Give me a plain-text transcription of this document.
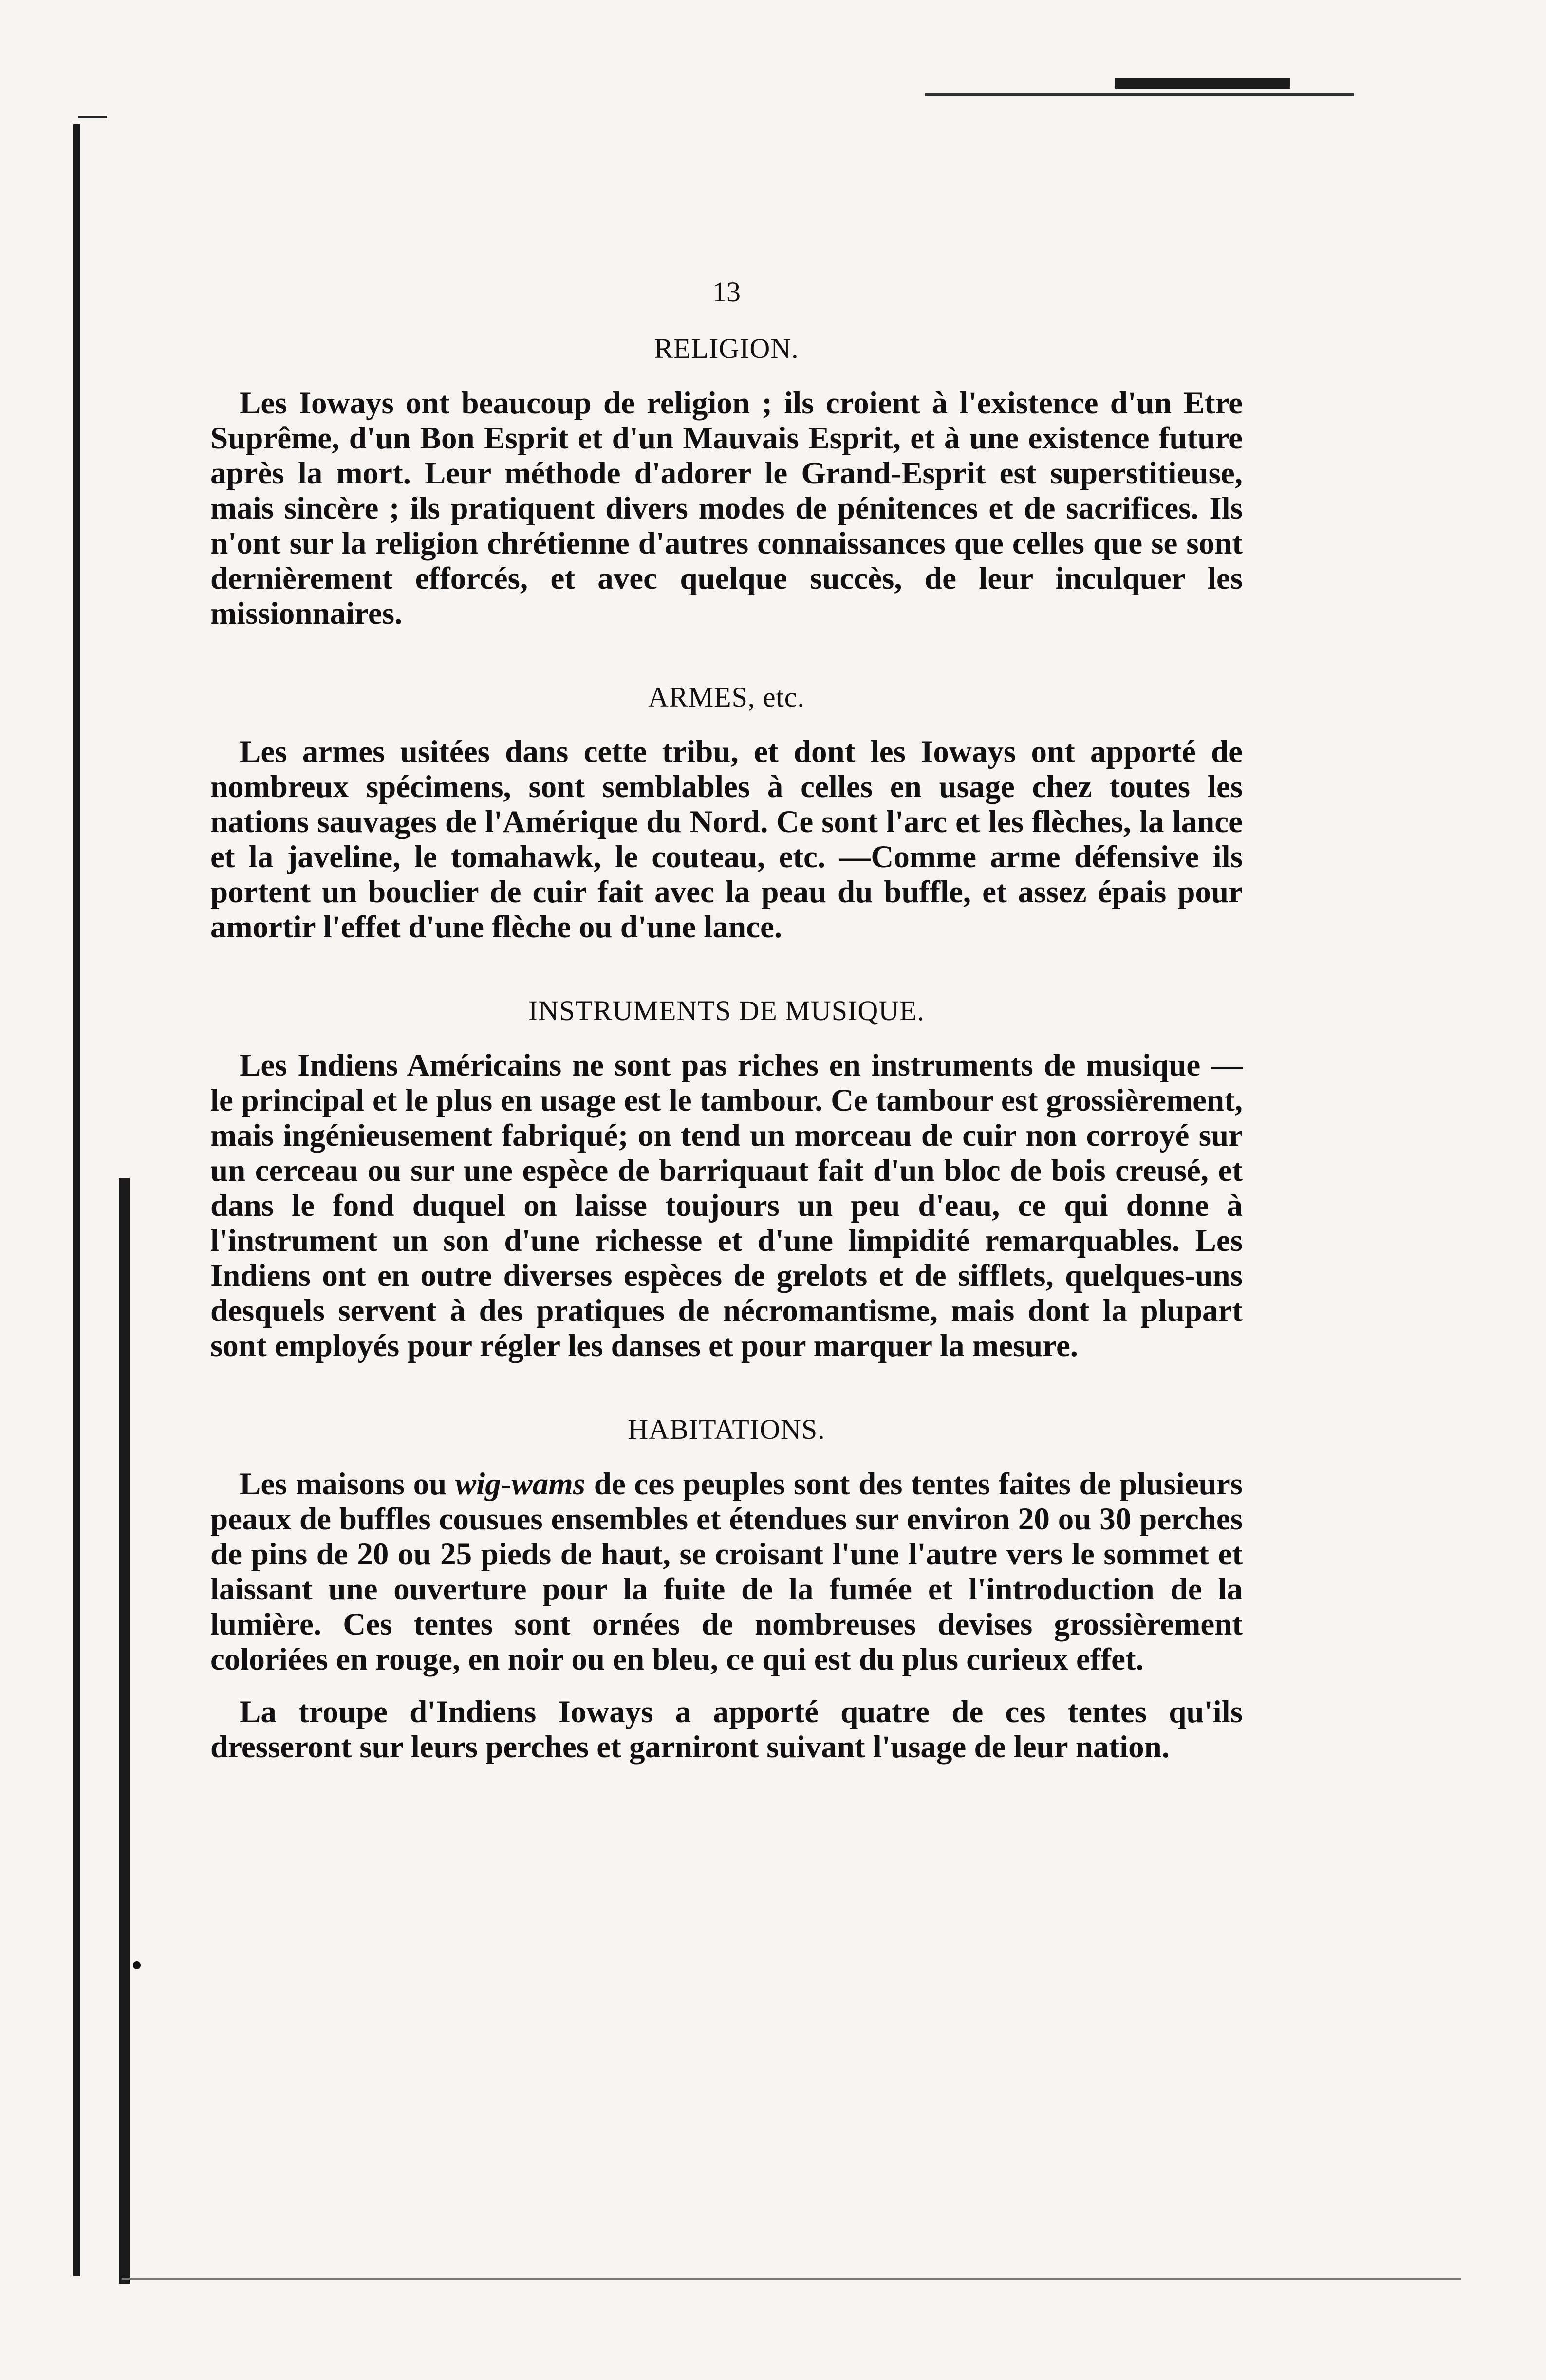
13

RELIGION.

Les Ioways ont beaucoup de religion ; ils croient à l'existence d'un Etre Suprême, d'un Bon Esprit et d'un Mauvais Esprit, et à une existence future après la mort. Leur méthode d'adorer le Grand-Esprit est superstitieuse, mais sincère ; ils pratiquent divers modes de pénitences et de sacrifices. Ils n'ont sur la religion chrétienne d'autres connaissances que celles que se sont dernièrement efforcés, et avec quelque succès, de leur inculquer les missionnaires.

ARMES, etc.

Les armes usitées dans cette tribu, et dont les Ioways ont apporté de nombreux spécimens, sont semblables à celles en usage chez toutes les nations sauvages de l'Amérique du Nord. Ce sont l'arc et les flèches, la lance et la javeline, le tomahawk, le couteau, etc. —Comme arme défensive ils portent un bouclier de cuir fait avec la peau du buffle, et assez épais pour amortir l'effet d'une flèche ou d'une lance.

INSTRUMENTS DE MUSIQUE.

Les Indiens Américains ne sont pas riches en instruments de musique — le principal et le plus en usage est le tambour. Ce tambour est grossièrement, mais ingénieusement fabriqué; on tend un morceau de cuir non corroyé sur un cerceau ou sur une espèce de barriquaut fait d'un bloc de bois creusé, et dans le fond duquel on laisse toujours un peu d'eau, ce qui donne à l'instrument un son d'une richesse et d'une limpidité remarquables. Les Indiens ont en outre diverses espèces de grelots et de sifflets, quelques-uns desquels servent à des pratiques de nécromantisme, mais dont la plupart sont employés pour régler les danses et pour marquer la mesure.

HABITATIONS.

Les maisons ou wig-wams de ces peuples sont des tentes faites de plusieurs peaux de buffles cousues ensembles et étendues sur environ 20 ou 30 perches de pins de 20 ou 25 pieds de haut, se croisant l'une l'autre vers le sommet et laissant une ouverture pour la fuite de la fumée et l'introduction de la lumière. Ces tentes sont ornées de nombreuses devises grossièrement coloriées en rouge, en noir ou en bleu, ce qui est du plus curieux effet.

La troupe d'Indiens Ioways a apporté quatre de ces tentes qu'ils dresseront sur leurs perches et garniront suivant l'usage de leur nation.
